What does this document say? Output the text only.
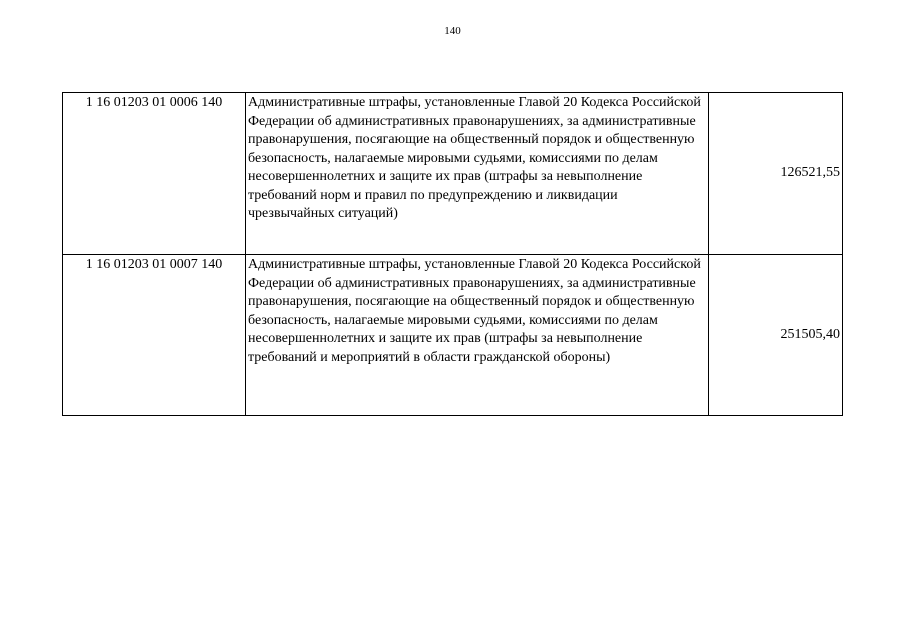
140
1 16 01203 01 0006 140	Административные штрафы, установленные Главой 20 Кодекса Российской Федерации об административных правонарушениях, за административные правонарушения, посягающие на общественный порядок и общественную безопасность, налагаемые мировыми судьями, комиссиями по делам несовершеннолетних и защите их прав (штрафы за невыполнение требований норм и правил по предупреждению и ликвидации чрезвычайных ситуаций)	126521,55
1 16 01203 01 0007 140	Административные штрафы, установленные Главой 20 Кодекса Российской Федерации об административных правонарушениях, за административные правонарушения, посягающие на общественный порядок и общественную безопасность, налагаемые мировыми судьями, комиссиями по делам несовершеннолетних и защите их прав (штрафы за невыполнение требований и мероприятий в области гражданской обороны)	251505,40
